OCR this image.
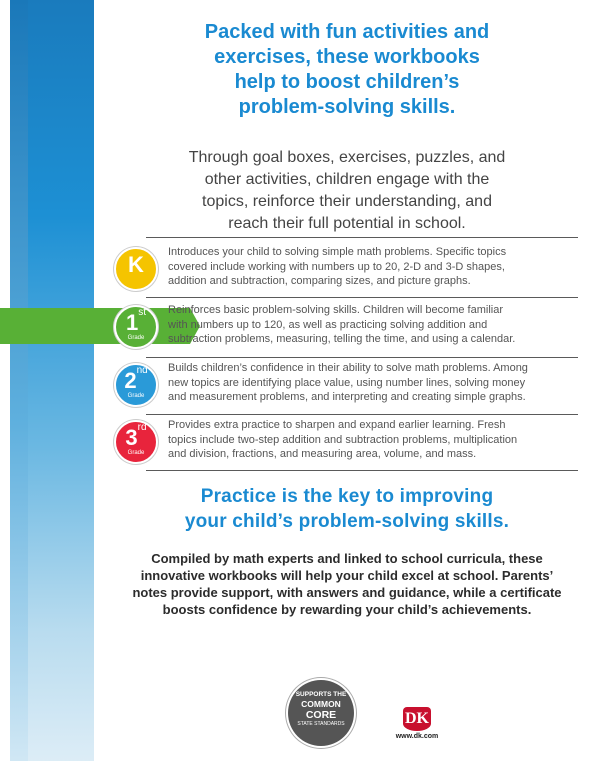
Packed with fun activities and
exercises, these workbooks
help to boost children’s
problem-solving skills.
Through goal boxes, exercises, puzzles, and
other activities, children engage with the
topics, reinforce their understanding, and
reach their full potential in school.
K	Introduces your child to solving simple math problems. Specific topics
covered include working with numbers up to 20, 2-D and 3-D shapes,
addition and subtraction, comparing sizes, and picture graphs.
1st
Grade
Reinforces basic problem-solving skills. Children will become familiar
with numbers up to 120, as well as practicing solving addition and
subtraction problems, measuring, telling the time, and using a calendar.
2nd
Grade
Builds children’s confidence in their ability to solve math problems. Among
new topics are identifying place value, using number lines, solving money
and measurement problems, and interpreting and creating simple graphs.
3rd
Grade
Provides extra practice to sharpen and expand earlier learning. Fresh
topics include two-step addition and subtraction problems, multiplication
and division, fractions, and measuring area, volume, and mass.
Practice is the key to improving
your child’s problem-solving skills.
Compiled by math experts and linked to school curricula, these
innovative workbooks will help your child excel at school. Parents’
notes provide support, with answers and guidance, while a certificate
boosts confidence by rewarding your child’s achievements.
SUPPORTS THE
COMMON
CORE
STATE STANDARDS	DK
www.dk.com
